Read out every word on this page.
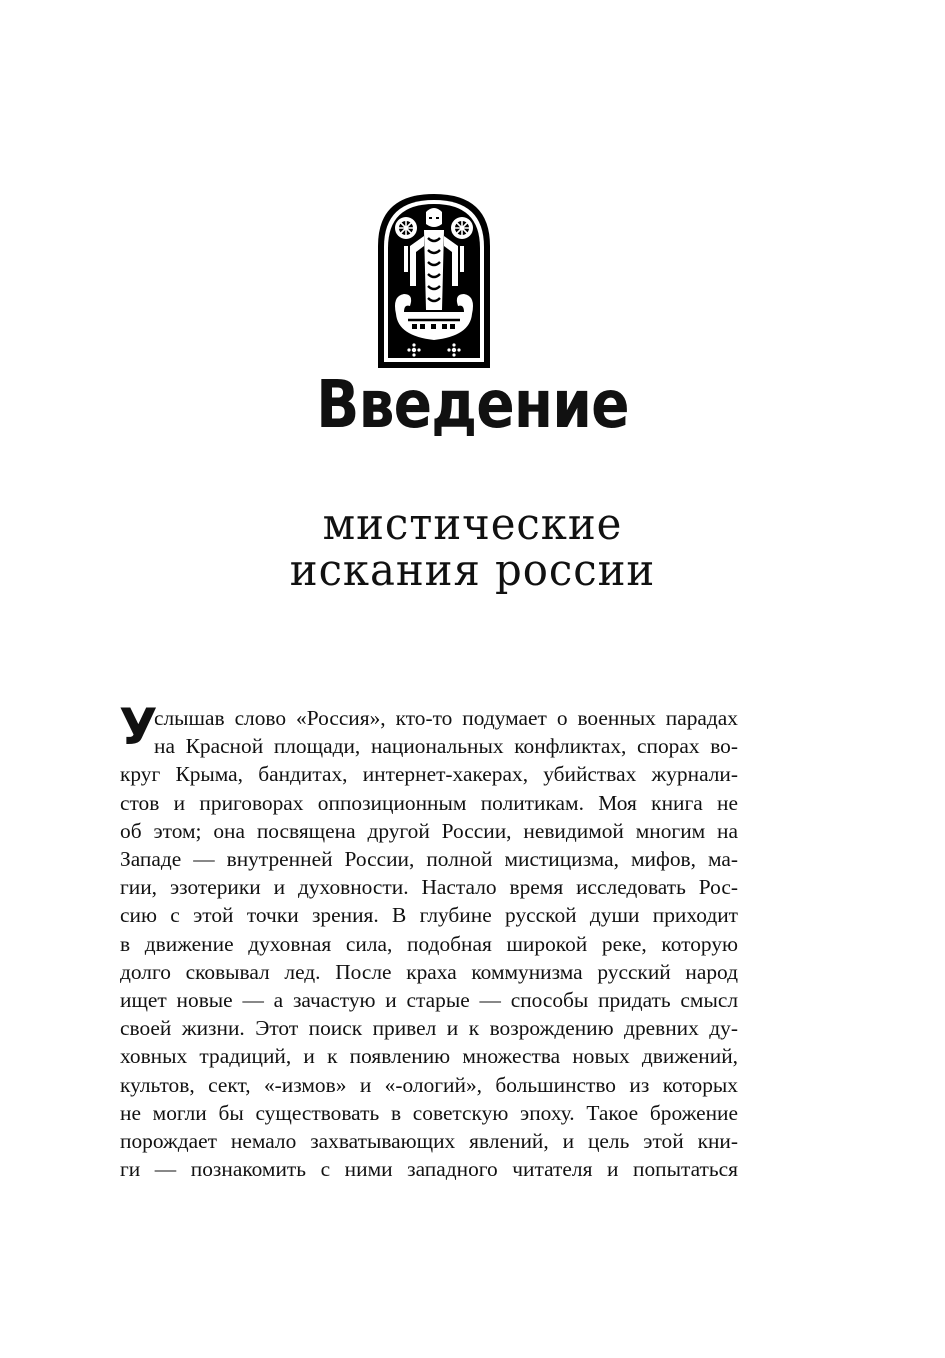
Введение
мистические
искания россии
У
слышав слово «Россия», кто-то подумает о военных парадах
на Красной площади, национальных конфликтах, спорах во-
круг Крыма, бандитах, интернет-хакерах, убийствах журнали-
стов и приговорах оппозиционным политикам. Моя книга не
об этом; она посвящена другой России, невидимой многим на
Западе — внутренней России, полной мистицизма, мифов, ма-
гии, эзотерики и духовности. Настало время исследовать Рос-
сию с этой точки зрения. В глубине русской души приходит
в движение духовная сила, подобная широкой реке, которую
долго сковывал лед. После краха коммунизма русский народ
ищет новые — а зачастую и старые — способы придать смысл
своей жизни. Этот поиск привел и к возрождению древних ду-
ховных традиций, и к появлению множества новых движений,
культов, сект, «-измов» и «-ологий», большинство из которых
не могли бы существовать в советскую эпоху. Такое брожение
порождает немало захватывающих явлений, и цель этой кни-
ги — познакомить с ними западного читателя и попытаться
